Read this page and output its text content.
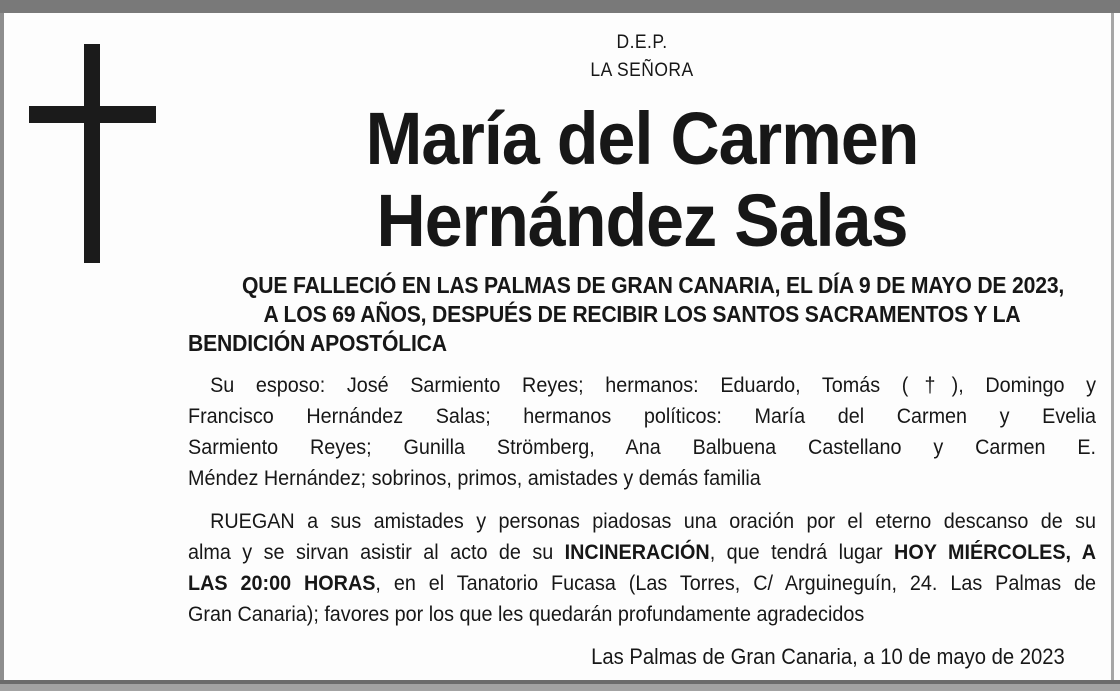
D.E.P.
LA SEÑORA
María del Carmen
Hernández Salas
QUE FALLECIÓ EN LAS PALMAS DE GRAN CANARIA, EL DÍA 9 DE MAYO DE 2023,
A LOS 69 AÑOS, DESPUÉS DE RECIBIR LOS SANTOS SACRAMENTOS Y LA
BENDICIÓN APOSTÓLICA
Su esposo: José Sarmiento Reyes; hermanos: Eduardo, Tomás (†), Domingo y
Francisco Hernández Salas; hermanos políticos: María del Carmen y Evelia
Sarmiento Reyes; Gunilla Strömberg, Ana Balbuena Castellano y Carmen E.
Méndez Hernández; sobrinos, primos, amistades y demás familia
RUEGAN a sus amistades y personas piadosas una oración por el eterno descanso de su
alma y se sirvan asistir al acto de su INCINERACIÓN, que tendrá lugar HOY MIÉRCOLES, A
LAS 20:00 HORAS, en el Tanatorio Fucasa (Las Torres, C/ Arguineguín, 24. Las Palmas de
Gran Canaria); favores por los que les quedarán profundamente agradecidos
Las Palmas de Gran Canaria, a 10 de mayo de 2023
